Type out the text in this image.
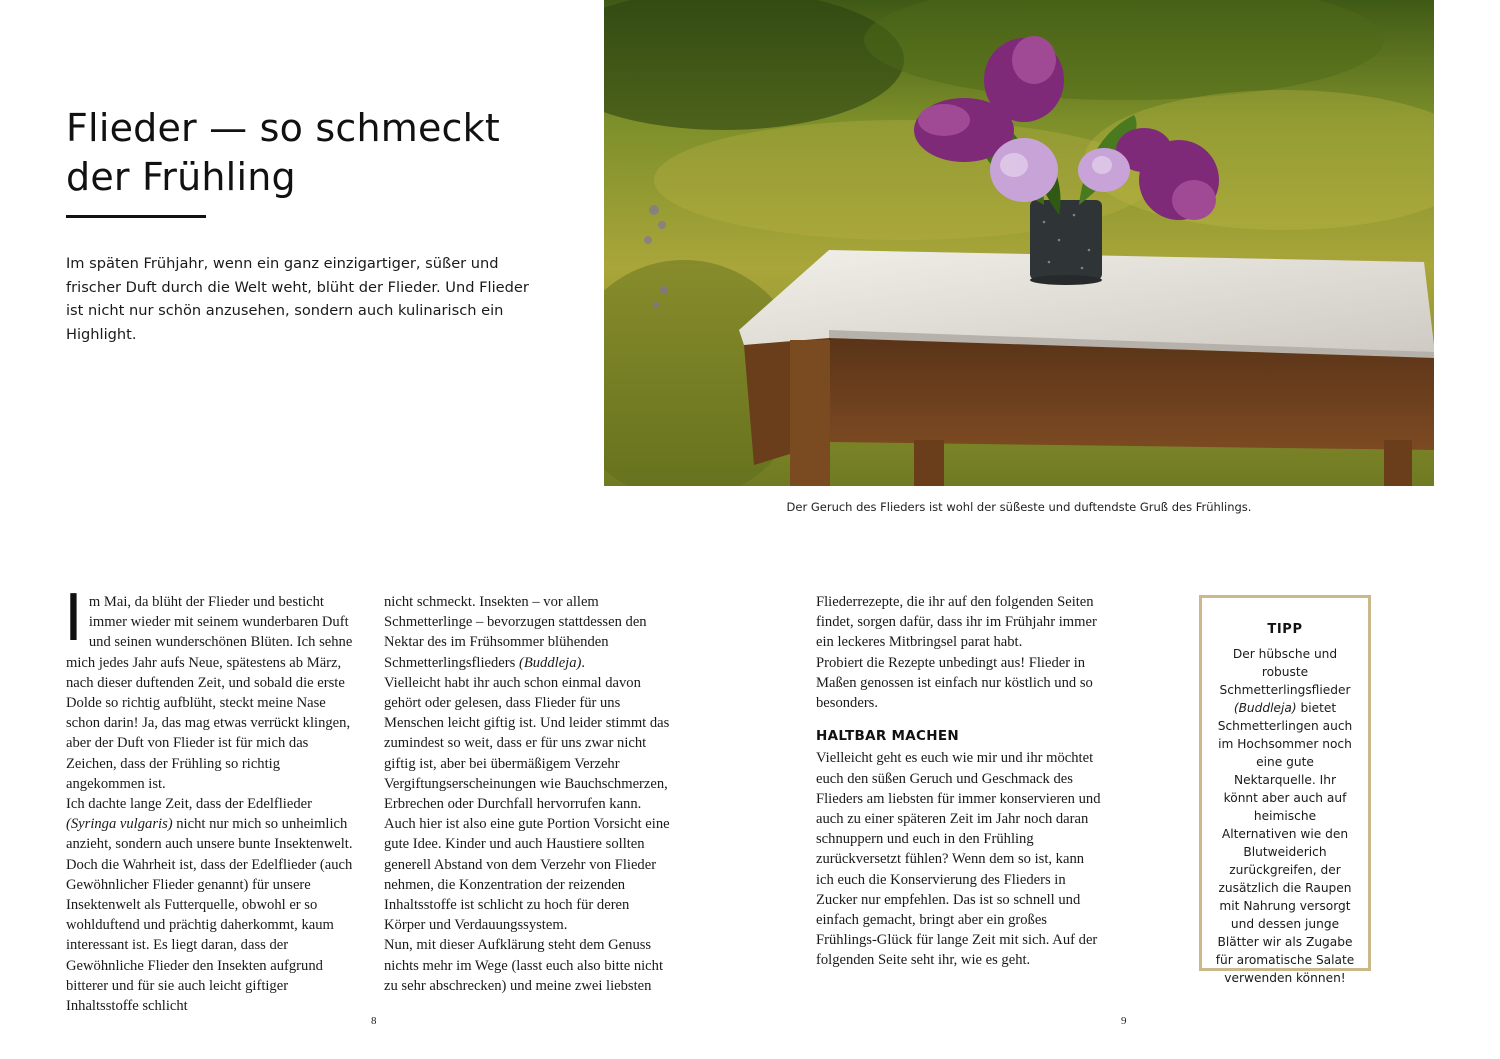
Flieder — so schmeckt
der Frühling

Im späten Frühjahr, wenn ein ganz einzigartiger, süßer und frischer Duft durch die Welt weht, blüht der Flieder. Und Flieder ist nicht nur schön anzusehen, sondern auch kulinarisch ein Highlight.

Der Geruch des Flieders ist wohl der süßeste und duftendste Gruß des Frühlings.

Im Mai, da blüht der Flieder und besticht immer wieder mit seinem wunderbaren Duft und seinen wunderschönen Blüten. Ich sehne mich jedes Jahr aufs Neue, spätestens ab März, nach dieser duftenden Zeit, und sobald die erste Dolde so richtig aufblüht, steckt meine Nase schon darin! Ja, das mag etwas verrückt klingen, aber der Duft von Flieder ist für mich das Zeichen, dass der Frühling so richtig angekommen ist.

Ich dachte lange Zeit, dass der Edelflieder (Syringa vulgaris) nicht nur mich so unheimlich anzieht, sondern auch unsere bunte Insektenwelt. Doch die Wahrheit ist, dass der Edelflieder (auch Gewöhnlicher Flieder genannt) für unsere Insektenwelt als Futterquelle, obwohl er so wohlduftend und prächtig daherkommt, kaum interessant ist. Es liegt daran, dass der Gewöhnliche Flieder den Insekten aufgrund bitterer und für sie auch leicht giftiger Inhaltsstoffe schlicht

nicht schmeckt. Insekten – vor allem Schmetterlinge – bevorzugen stattdessen den Nektar des im Frühsommer blühenden Schmetterlingsflieders (Buddleja).

Vielleicht habt ihr auch schon einmal davon gehört oder gelesen, dass Flieder für uns Menschen leicht giftig ist. Und leider stimmt das zumindest so weit, dass er für uns zwar nicht giftig ist, aber bei übermäßigem Verzehr Vergiftungserscheinungen wie Bauchschmerzen, Erbrechen oder Durchfall hervorrufen kann. Auch hier ist also eine gute Portion Vorsicht eine gute Idee. Kinder und auch Haustiere sollten generell Abstand von dem Verzehr von Flieder nehmen, die Konzentration der reizenden Inhaltsstoffe ist schlicht zu hoch für deren Körper und Verdauungssystem.

Nun, mit dieser Aufklärung steht dem Genuss nichts mehr im Wege (lasst euch also bitte nicht zu sehr abschrecken) und meine zwei liebsten

Fliederrezepte, die ihr auf den folgenden Seiten findet, sorgen dafür, dass ihr im Frühjahr immer ein leckeres Mitbringsel parat habt.

Probiert die Rezepte unbedingt aus! Flieder in Maßen genossen ist einfach nur köstlich und so besonders.

HALTBAR MACHEN

Vielleicht geht es euch wie mir und ihr möchtet euch den süßen Geruch und Geschmack des Flieders am liebsten für immer konservieren und auch zu einer späteren Zeit im Jahr noch daran schnuppern und euch in den Frühling zurückversetzt fühlen? Wenn dem so ist, kann ich euch die Konservierung des Flieders in Zucker nur empfehlen. Das ist so schnell und einfach gemacht, bringt aber ein großes Frühlings-Glück für lange Zeit mit sich. Auf der folgenden Seite seht ihr, wie es geht.

TIPP

Der hübsche und robuste Schmetterlingsflieder (Buddleja) bietet Schmetterlingen auch im Hochsommer noch eine gute Nektarquelle. Ihr könnt aber auch auf heimische Alternativen wie den Blutweiderich zurückgreifen, der zusätzlich die Raupen mit Nahrung versorgt und dessen junge Blätter wir als Zugabe für aromatische Salate verwenden können!

8	9
